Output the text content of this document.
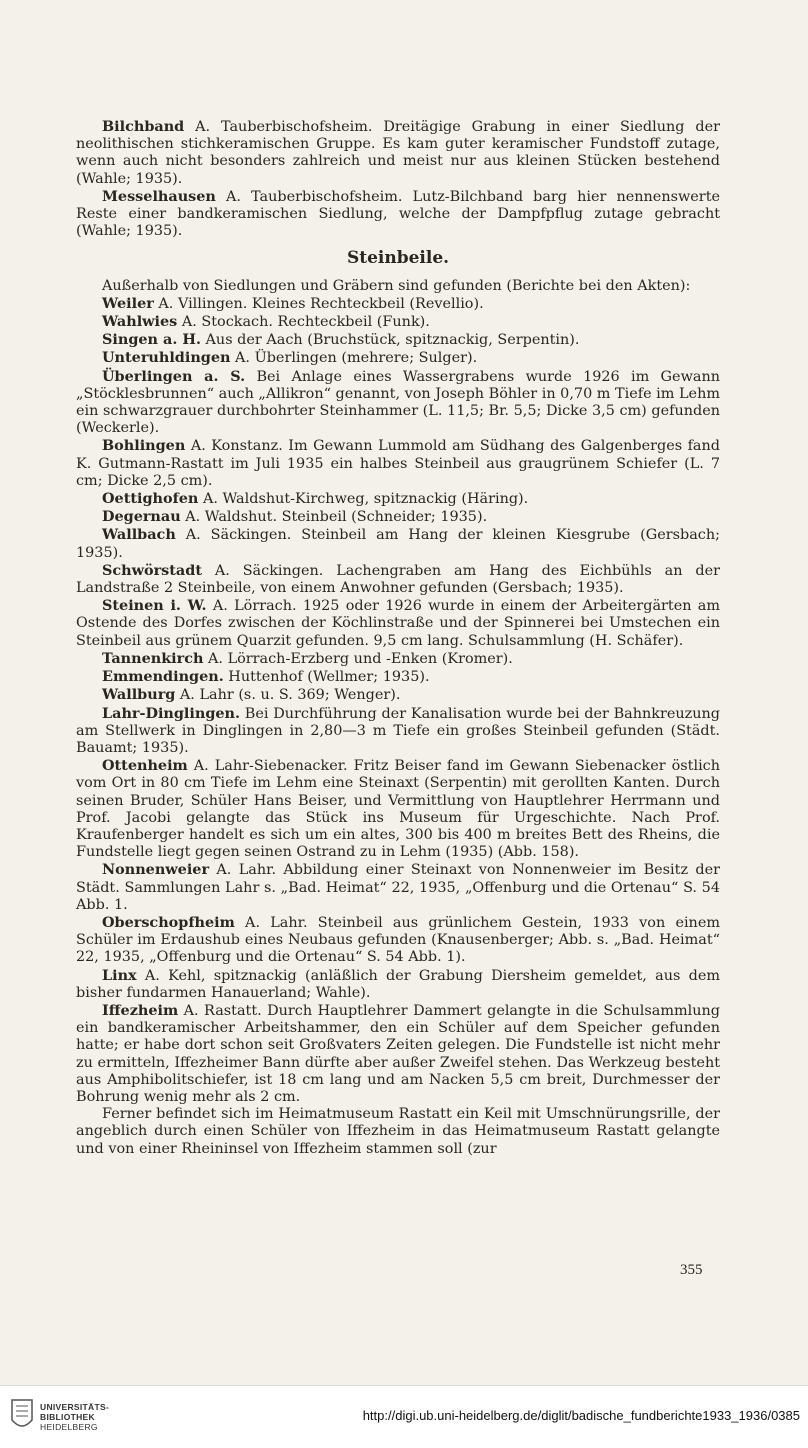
Bilchband A. Tauberbischofsheim. Dreitägige Grabung in einer Siedlung der neolithischen stichkeramischen Gruppe. Es kam guter keramischer Fundstoff zutage, wenn auch nicht besonders zahlreich und meist nur aus kleinen Stücken bestehend (Wahle; 1935).

Messelhausen A. Tauberbischofsheim. Lutz-Bilchband barg hier nennenswerte Reste einer bandkeramischen Siedlung, welche der Dampfpflug zutage gebracht (Wahle; 1935).

Steinbeile.

Außerhalb von Siedlungen und Gräbern sind gefunden (Berichte bei den Akten):

Weiler A. Villingen. Kleines Rechteckbeil (Revellio).

Wahlwies A. Stockach. Rechteckbeil (Funk).

Singen a. H. Aus der Aach (Bruchstück, spitznackig, Serpentin).

Unteruhldingen A. Überlingen (mehrere; Sulger).

Überlingen a. S. Bei Anlage eines Wassergrabens wurde 1926 im Gewann „Stöcklesbrunnen“ auch „Allikron“ genannt, von Joseph Böhler in 0,70 m Tiefe im Lehm ein schwarzgrauer durchbohrter Steinhammer (L. 11,5; Br. 5,5; Dicke 3,5 cm) gefunden (Weckerle).

Bohlingen A. Konstanz. Im Gewann Lummold am Südhang des Galgenberges fand K. Gutmann-Rastatt im Juli 1935 ein halbes Steinbeil aus graugrünem Schiefer (L. 7 cm; Dicke 2,5 cm).

Oettighofen A. Waldshut-Kirchweg, spitznackig (Häring).

Degernau A. Waldshut. Steinbeil (Schneider; 1935).

Wallbach A. Säckingen. Steinbeil am Hang der kleinen Kiesgrube (Gersbach; 1935).

Schwörstadt A. Säckingen. Lachengraben am Hang des Eichbühls an der Landstraße 2 Steinbeile, von einem Anwohner gefunden (Gersbach; 1935).

Steinen i. W. A. Lörrach. 1925 oder 1926 wurde in einem der Arbeitergärten am Ostende des Dorfes zwischen der Köchlinstraße und der Spinnerei bei Umstechen ein Steinbeil aus grünem Quarzit gefunden. 9,5 cm lang. Schulsammlung (H. Schäfer).

Tannenkirch A. Lörrach-Erzberg und -Enken (Kromer).

Emmendingen. Huttenhof (Wellmer; 1935).

Wallburg A. Lahr (s. u. S. 369; Wenger).

Lahr-Dinglingen. Bei Durchführung der Kanalisation wurde bei der Bahnkreuzung am Stellwerk in Dinglingen in 2,80—3 m Tiefe ein großes Steinbeil gefunden (Städt. Bauamt; 1935).

Ottenheim A. Lahr-Siebenacker. Fritz Beiser fand im Gewann Siebenacker östlich vom Ort in 80 cm Tiefe im Lehm eine Steinaxt (Serpentin) mit gerollten Kanten. Durch seinen Bruder, Schüler Hans Beiser, und Vermittlung von Hauptlehrer Herrmann und Prof. Jacobi gelangte das Stück ins Museum für Urgeschichte. Nach Prof. Kraufenberger handelt es sich um ein altes, 300 bis 400 m breites Bett des Rheins, die Fundstelle liegt gegen seinen Ostrand zu in Lehm (1935) (Abb. 158).

Nonnenweier A. Lahr. Abbildung einer Steinaxt von Nonnenweier im Besitz der Städt. Sammlungen Lahr s. „Bad. Heimat“ 22, 1935, „Offenburg und die Ortenau“ S. 54 Abb. 1.

Oberschopfheim A. Lahr. Steinbeil aus grünlichem Gestein, 1933 von einem Schüler im Erdaushub eines Neubaus gefunden (Knausenberger; Abb. s. „Bad. Heimat“ 22, 1935, „Offenburg und die Ortenau“ S. 54 Abb. 1).

Linx A. Kehl, spitznackig (anläßlich der Grabung Diersheim gemeldet, aus dem bisher fundarmen Hanauerland; Wahle).

Iffezheim A. Rastatt. Durch Hauptlehrer Dammert gelangte in die Schulsammlung ein bandkeramischer Arbeitshammer, den ein Schüler auf dem Speicher gefunden hatte; er habe dort schon seit Großvaters Zeiten gelegen. Die Fundstelle ist nicht mehr zu ermitteln, Iffezheimer Bann dürfte aber außer Zweifel stehen. Das Werkzeug besteht aus Amphibolitschiefer, ist 18 cm lang und am Nacken 5,5 cm breit, Durchmesser der Bohrung wenig mehr als 2 cm.

Ferner befindet sich im Heimatmuseum Rastatt ein Keil mit Umschnürungsrille, der angeblich durch einen Schüler von Iffezheim in das Heimatmuseum Rastatt gelangte und von einer Rheininsel von Iffezheim stammen soll (zur

355
UNIVERSITÄTS-
BIBLIOTHEK
HEIDELBERG
http://digi.ub.uni-heidelberg.de/diglit/badische_fundberichte1933_1936/0385
